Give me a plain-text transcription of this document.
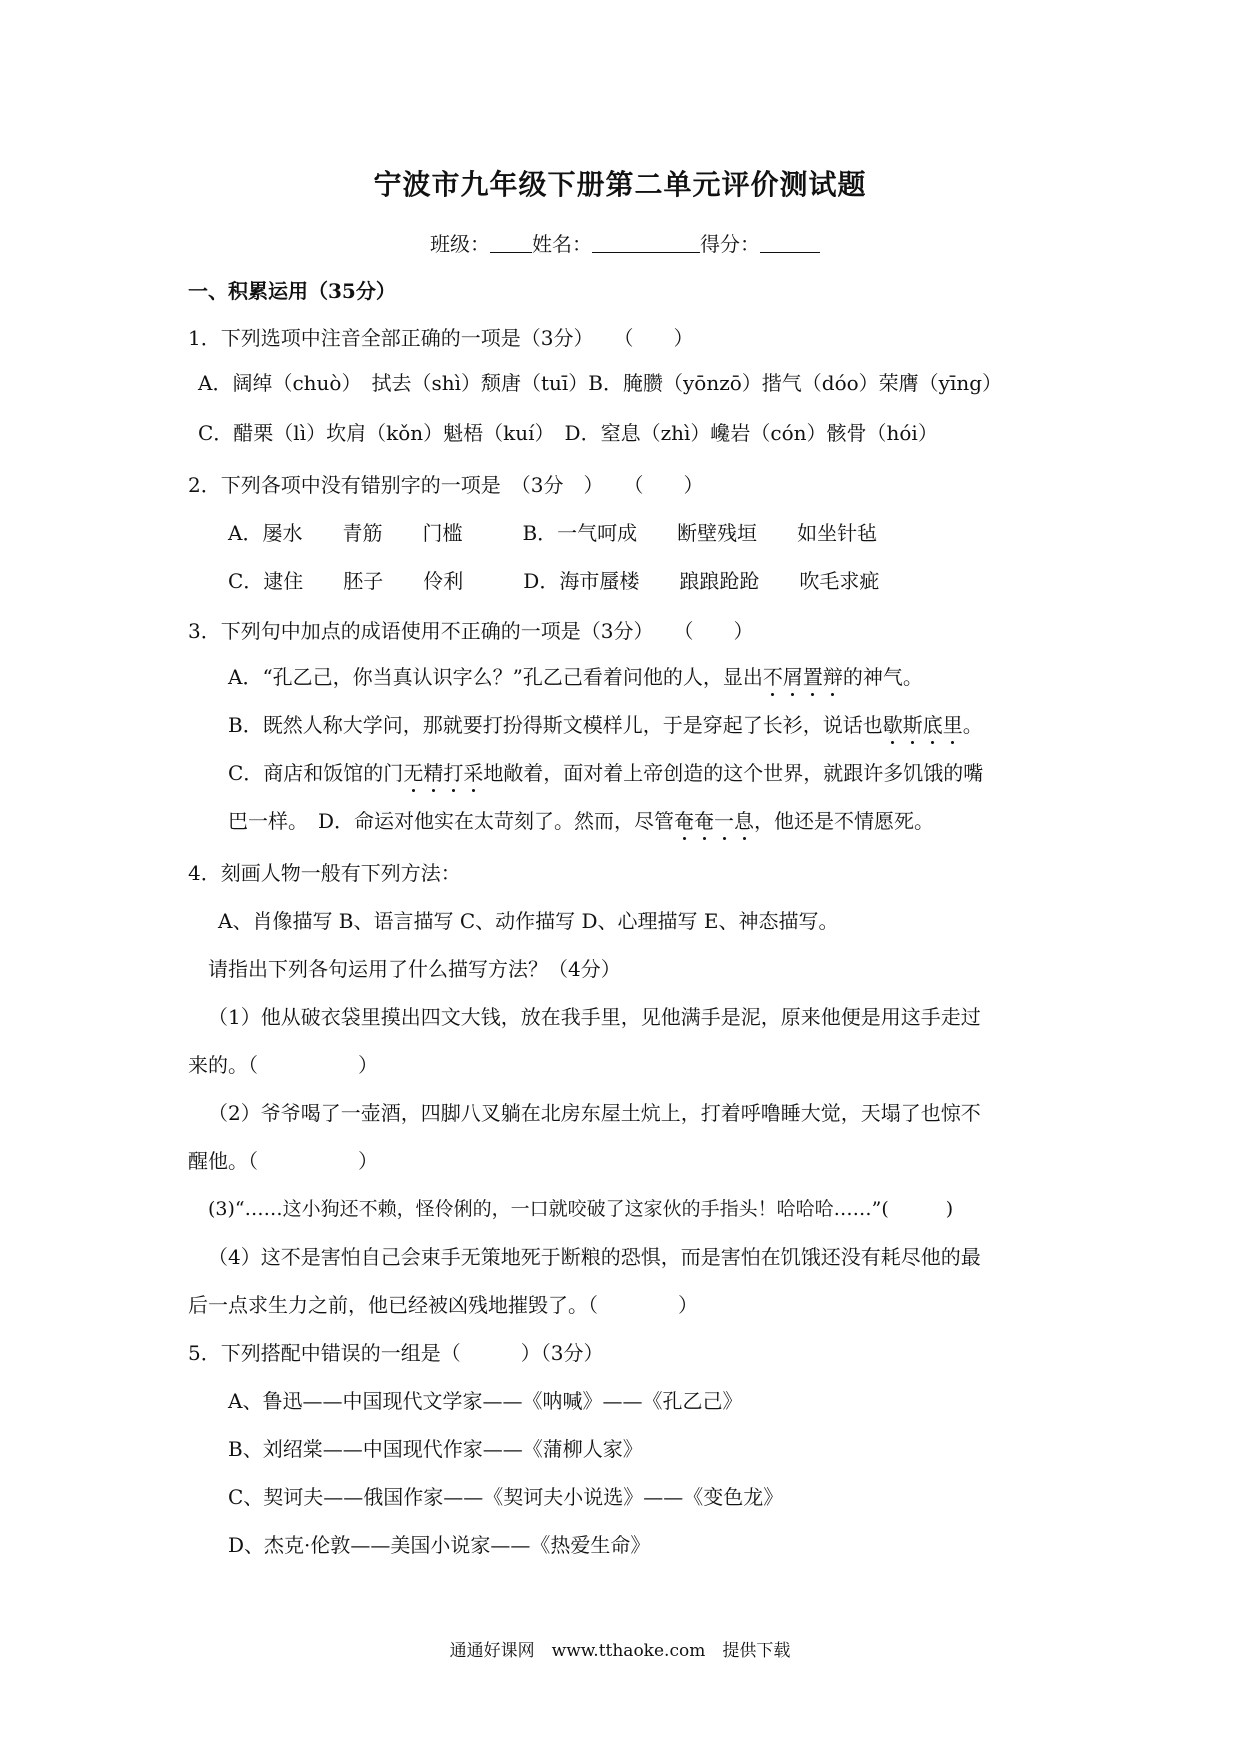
宁波市九年级下册第二单元评价测试题
班级： 姓名：	得分：
一、积累运用（35分）
1．下列选项中注音全部正确的一项是（3分）　　（　　）
A．阔绰（chuò）　拭去（shì）颓唐（tuī）B．腌臜（yōnzō）揩气（dóo）荣膺（yīng）
C．醋栗（lì）坎肩（kǒn）魁梧（kuí）　D．窒息（zhì）巉岩（cón）骸骨（hói）
2．下列各项中没有错别字的一项是　（3分　）　　（　　）
A．屡水　　青筋　　门槛　　　B．一气呵成　　断壁残垣　　如坐针毡
C．逮住　　胚子　　伶利　　　D．海市蜃楼　　踉踉跄跄　　吹毛求疵
3．下列句中加点的成语使用不正确的一项是（3分）　　（　　）
A．“孔乙己，你当真认识字么？”孔乙己看着问他的人，显出不屑置辩的神气。
B．既然人称大学问，那就要打扮得斯文模样儿，于是穿起了长衫，说话也歇斯底里。
C．商店和饭馆的门无精打采地敞着，面对着上帝创造的这个世界，就跟许多饥饿的嘴
巴一样。　D．命运对他实在太苛刻了。然而，尽管奄奄一息，他还是不情愿死。
4．刻画人物一般有下列方法：
A、肖像描写 B、语言描写 C、动作描写 D、心理描写 E、神态描写。
请指出下列各句运用了什么描写方法？（4分）
（1）他从破衣袋里摸出四文大钱，放在我手里，见他满手是泥，原来他便是用这手走过
来的。（　　　　　）
（2）爷爷喝了一壶酒，四脚八叉躺在北房东屋土炕上，打着呼噜睡大觉，天塌了也惊不
醒他。（　　　　　）
(3)“……这小狗还不赖，怪伶俐的，一口就咬破了这家伙的手指头！哈哈哈……”(　　　)
（4）这不是害怕自己会束手无策地死于断粮的恐惧，而是害怕在饥饿还没有耗尽他的最
后一点求生力之前，他已经被凶残地摧毁了。（　　　　）
5．下列搭配中错误的一组是（　　　）（3分）
A、鲁迅——中国现代文学家——《呐喊》——《孔乙己》
B、刘绍棠——中国现代作家——《蒲柳人家》
C、契诃夫——俄国作家——《契诃夫小说选》——《变色龙》
D、杰克·伦敦——美国小说家——《热爱生命》
通通好课网　www.tthaoke.com　提供下载
